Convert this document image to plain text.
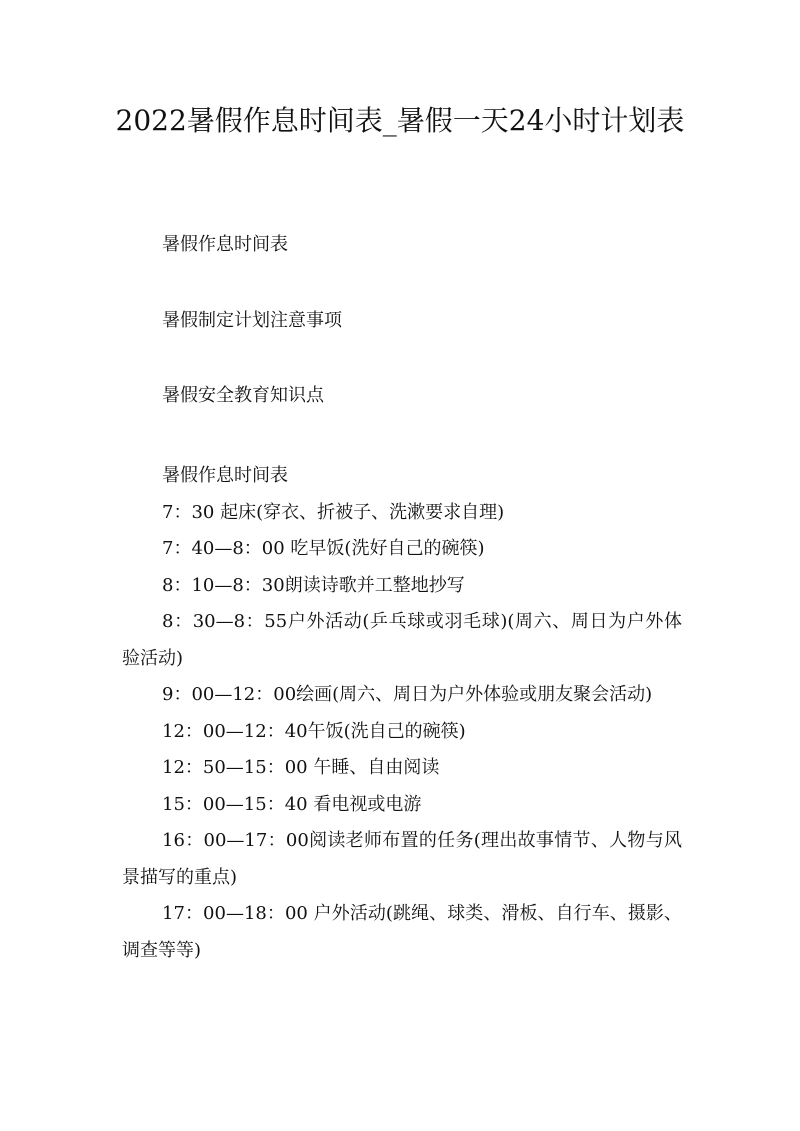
2022暑假作息时间表_暑假一天24小时计划表

暑假作息时间表

暑假制定计划注意事项

暑假安全教育知识点

暑假作息时间表

7：30 起床(穿衣、折被子、洗漱要求自理)

7：40—8：00 吃早饭(洗好自己的碗筷)

8：10—8：30朗读诗歌并工整地抄写

8：30—8：55户外活动(乒乓球或羽毛球)(周六、周日为户外体验活动)

9：00—12：00绘画(周六、周日为户外体验或朋友聚会活动)

12：00—12：40午饭(洗自己的碗筷)

12：50—15：00 午睡、自由阅读

15：00—15：40 看电视或电游

16：00—17：00阅读老师布置的任务(理出故事情节、人物与风景描写的重点)

17：00—18：00 户外活动(跳绳、球类、滑板、自行车、摄影、调查等等)
